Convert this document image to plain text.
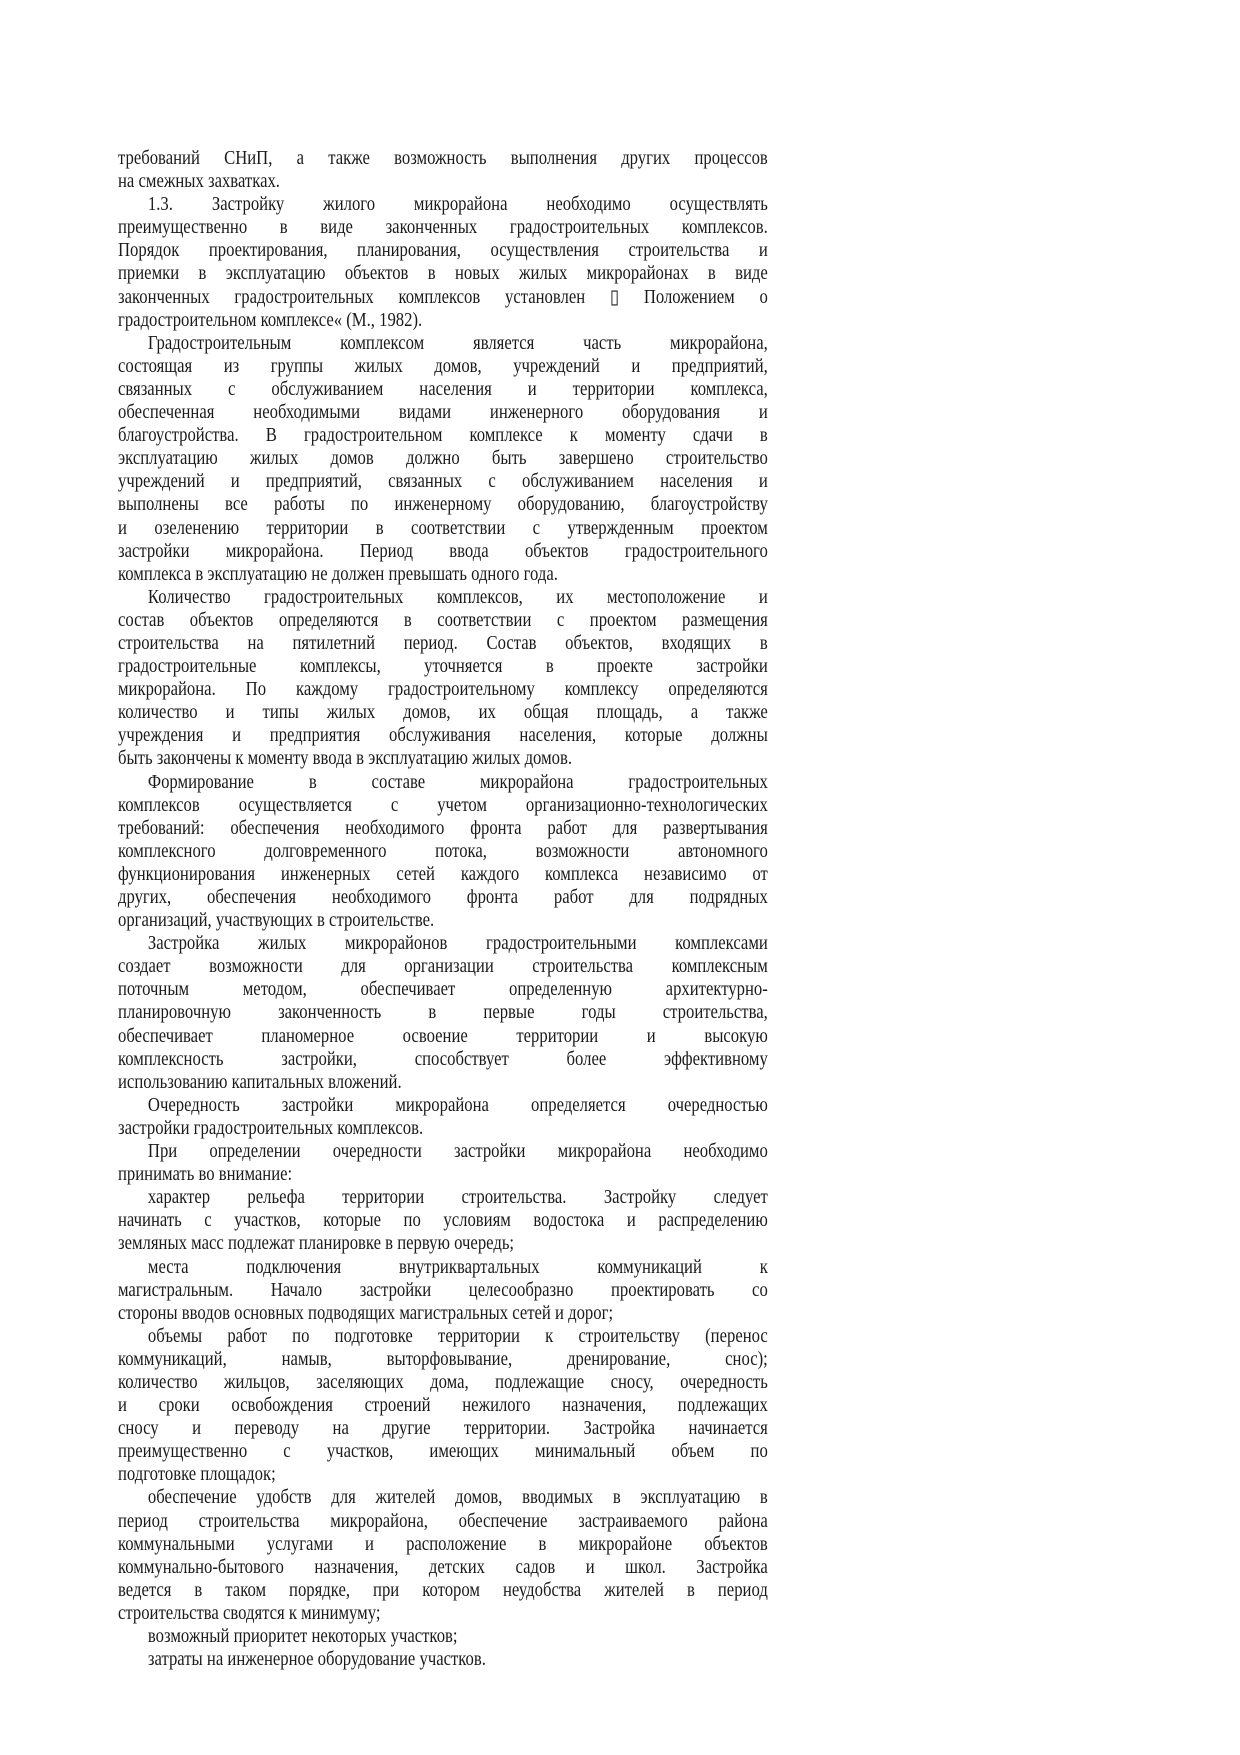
требований СНиП, а также возможность выполнения других процессов
на смежных захватках.
1.3. Застройку жилого микрорайона необходимо осуществлять
преимущественно в виде законченных градостроительных комплексов.
Порядок проектирования, планирования, осуществления строительства и
приемки в эксплуатацию объектов в новых жилых микрорайонах в виде
законченных градостроительных комплексов установлен ▯ Положением о
градостроительном комплексе« (М., 1982).
Градостроительным комплексом является часть микрорайона,
состоящая из группы жилых домов, учреждений и предприятий,
связанных с обслуживанием населения и территории комплекса,
обеспеченная необходимыми видами инженерного оборудования и
благоустройства. В градостроительном комплексе к моменту сдачи в
эксплуатацию жилых домов должно быть завершено строительство
учреждений и предприятий, связанных с обслуживанием населения и
выполнены все работы по инженерному оборудованию, благоустройству
и озеленению территории в соответствии с утвержденным проектом
застройки микрорайона. Период ввода объектов градостроительного
комплекса в эксплуатацию не должен превышать одного года.
Количество градостроительных комплексов, их местоположение и
состав объектов определяются в соответствии с проектом размещения
строительства на пятилетний период. Состав объектов, входящих в
градостроительные комплексы, уточняется в проекте застройки
микрорайона. По каждому градостроительному комплексу определяются
количество и типы жилых домов, их общая площадь, а также
учреждения и предприятия обслуживания населения, которые должны
быть закончены к моменту ввода в эксплуатацию жилых домов.
Формирование в составе микрорайона градостроительных
комплексов осуществляется с учетом организационно-технологических
требований: обеспечения необходимого фронта работ для развертывания
комплексного долговременного потока, возможности автономного
функционирования инженерных сетей каждого комплекса независимо от
других, обеспечения необходимого фронта работ для подрядных
организаций, участвующих в строительстве.
Застройка жилых микрорайонов градостроительными комплексами
создает возможности для организации строительства комплексным
поточным методом, обеспечивает определенную архитектурно-
планировочную законченность в первые годы строительства,
обеспечивает планомерное освоение территории и высокую
комплексность застройки, способствует более эффективному
использованию капитальных вложений.
Очередность застройки микрорайона определяется очередностью
застройки градостроительных комплексов.
При определении очередности застройки микрорайона необходимо
принимать во внимание:
характер рельефа территории строительства. Застройку следует
начинать с участков, которые по условиям водостока и распределению
земляных масс подлежат планировке в первую очередь;
места подключения внутриквартальных коммуникаций к
магистральным. Начало застройки целесообразно проектировать со
стороны вводов основных подводящих магистральных сетей и дорог;
объемы работ по подготовке территории к строительству (перенос
коммуникаций, намыв, выторфовывание, дренирование, снос);
количество жильцов, заселяющих дома, подлежащие сносу, очередность
и сроки освобождения строений нежилого назначения, подлежащих
сносу и переводу на другие территории. Застройка начинается
преимущественно с участков, имеющих минимальный объем по
подготовке площадок;
обеспечение удобств для жителей домов, вводимых в эксплуатацию в
период строительства микрорайона, обеспечение застраиваемого района
коммунальными услугами и расположение в микрорайоне объектов
коммунально-бытового назначения, детских садов и школ. Застройка
ведется в таком порядке, при котором неудобства жителей в период
строительства сводятся к минимуму;
возможный приоритет некоторых участков;
затраты на инженерное оборудование участков.
